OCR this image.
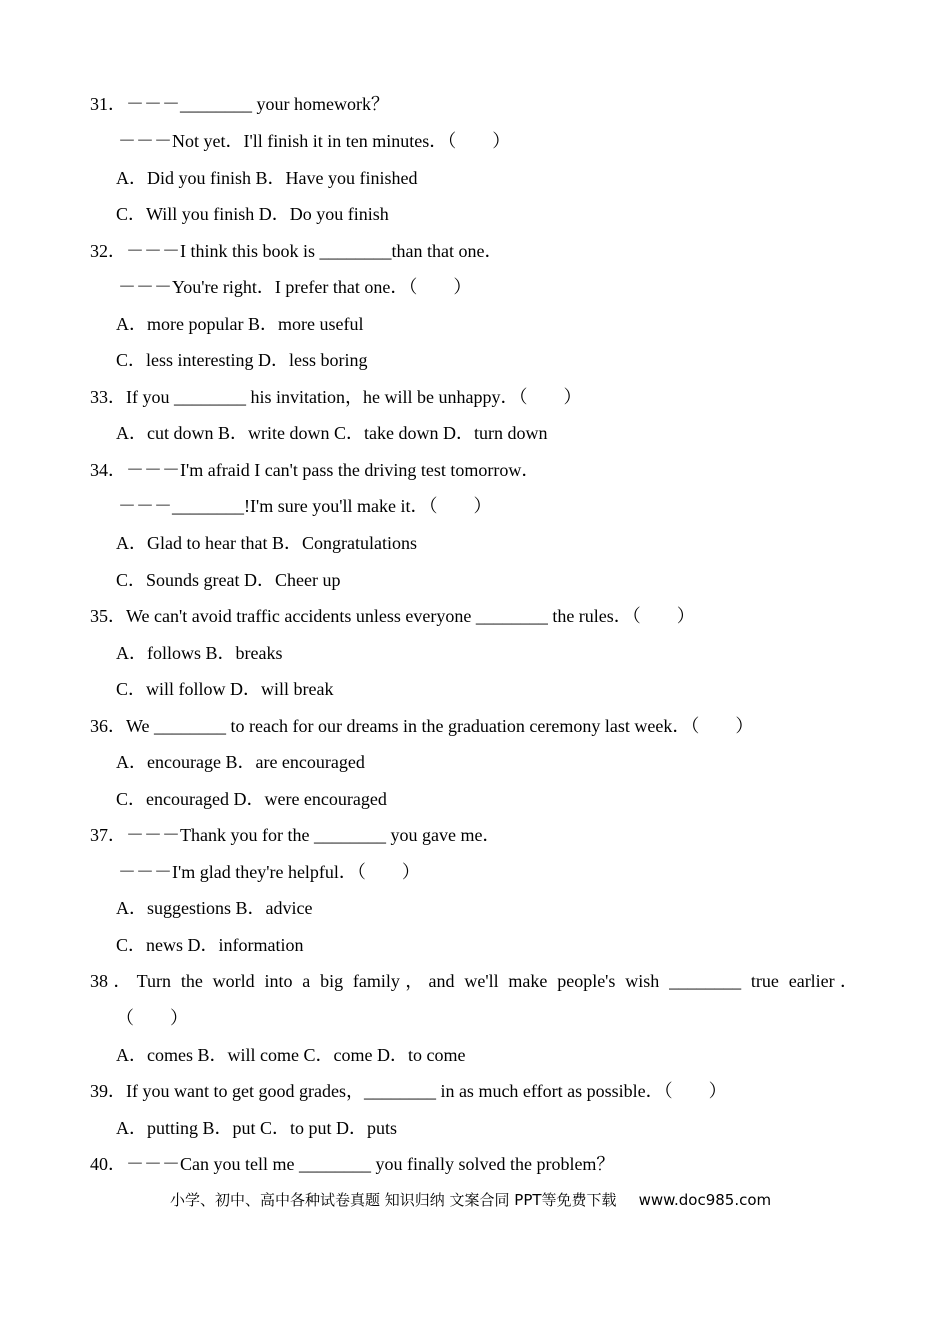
31．－－－________ your homework？
－－－Not yet．I'll finish it in ten minutes．（　　）
A．Did you finish B．Have you finished
C．Will you finish D．Do you finish
32．－－－I think this book is ________than that one．
－－－You're right．I prefer that one．（　　）
A．more popular B．more useful
C．less interesting D．less boring
33．If you ________ his invitation，he will be unhappy．（　　）
A．cut down B．write down C．take down D．turn down
34．－－－I'm afraid I can't pass the driving test tomorrow．
－－－________!I'm sure you'll make it．（　　）
A．Glad to hear that B．Congratulations
C．Sounds great D．Cheer up
35．We can't avoid traffic accidents unless everyone ________ the rules．（　　）
A．follows B．breaks
C．will follow D．will break
36．We ________ to reach for our dreams in the graduation ceremony last week．（　　）
A．encourage B．are encouraged
C．encouraged D．were encouraged
37．－－－Thank you for the ________ you gave me．
－－－I'm glad they're helpful．（　　）
A．suggestions B．advice
C．news D．information
38．Turn the world into a big family，and we'll make people's wish ________ true earlier．
（　　）
A．comes B．will come C．come D．to come
39．If you want to get good grades，________ in as much effort as possible．（　　）
A．putting B．put C．to put D．puts
40．－－－Can you tell me ________ you finally solved the problem？
小学、初中、高中各种试卷真题 知识归纳 文案合同 PPT等免费下载 www.doc985.com
